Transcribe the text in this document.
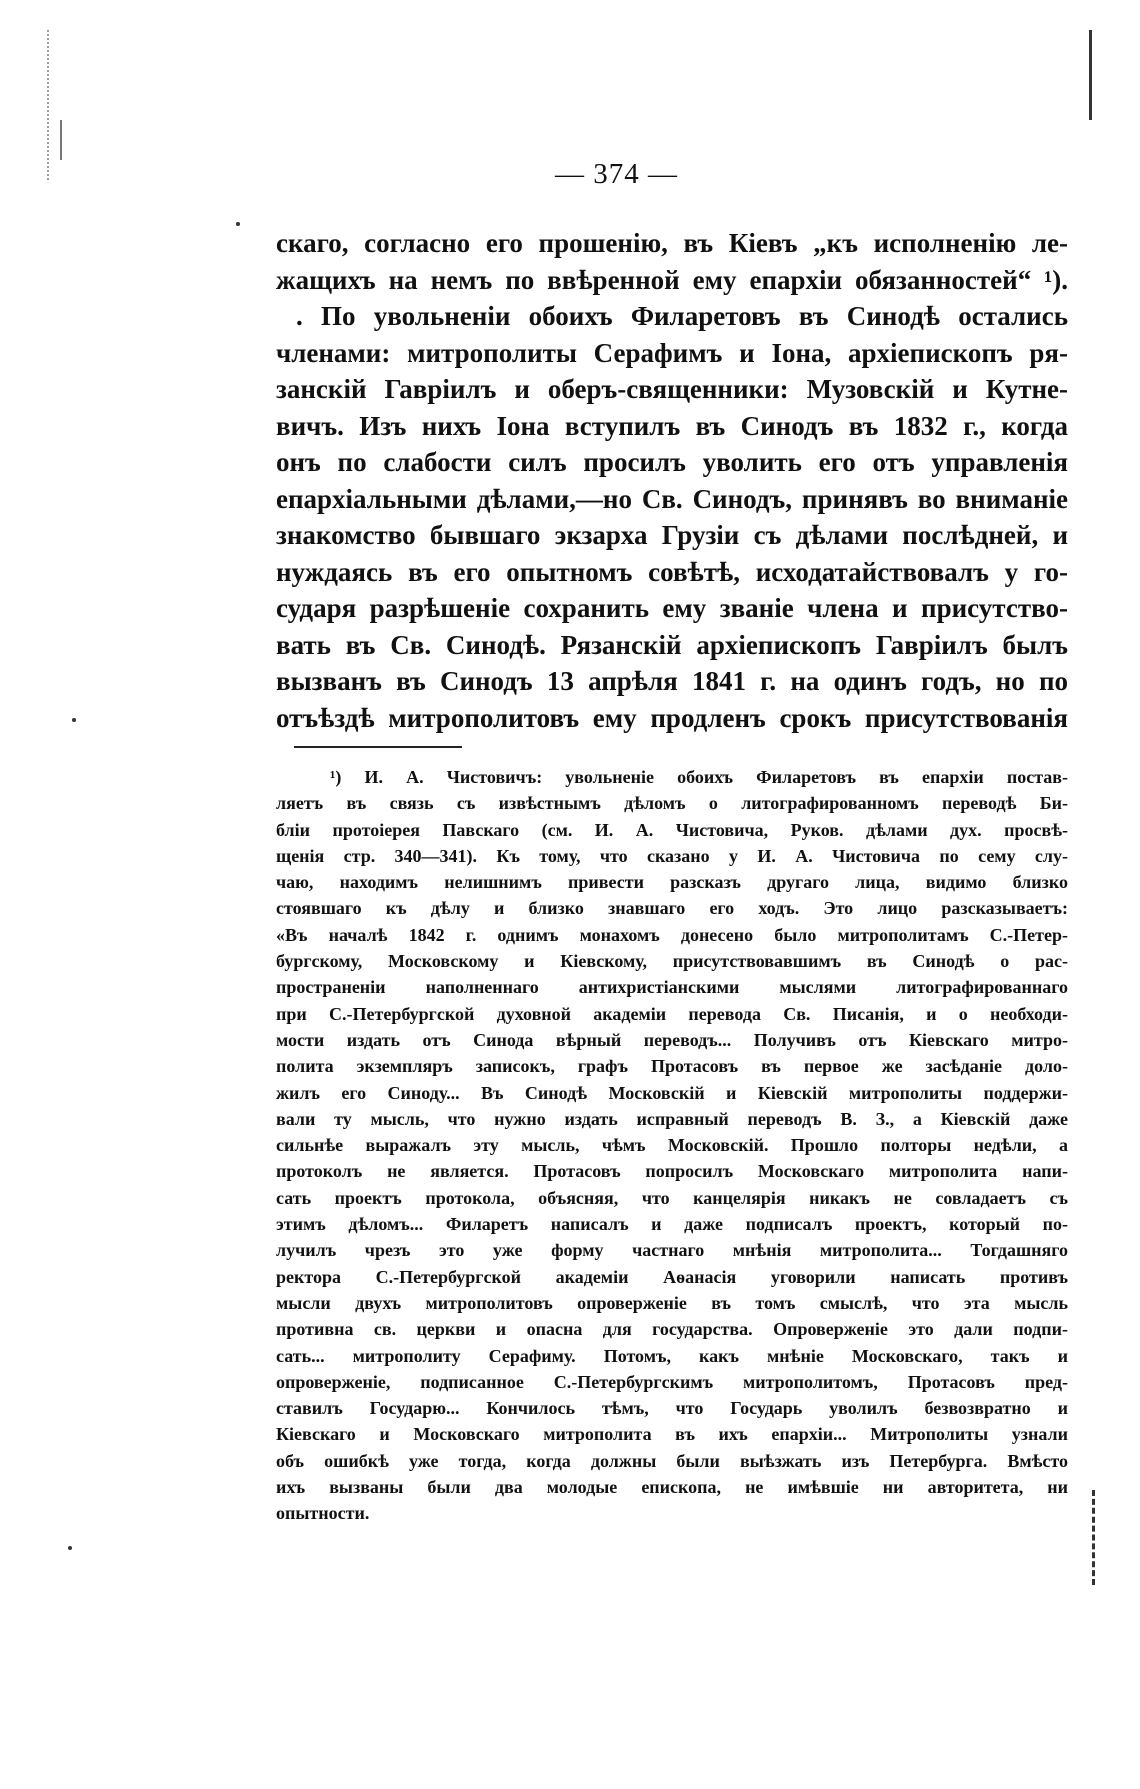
— 374 —
скаго, согласно его прошенію, въ Кіевъ „къ исполненію ле-
жащихъ на немъ по ввѣренной ему епархіи обязанностей“ ¹).
. По увольненіи обоихъ Филаретовъ въ Синодѣ остались
членами: митрополиты Серафимъ и Іона, архіепископъ ря-
занскій Гавріилъ и оберъ-священники: Музовскій и Кутне-
вичъ. Изъ нихъ Іона вступилъ въ Синодъ въ 1832 г., когда
онъ по слабости силъ просилъ уволить его отъ управленія
епархіальными дѣлами,—но Св. Синодъ, принявъ во вниманіе
знакомство бывшаго экзарха Грузіи съ дѣлами послѣдней, и
нуждаясь въ его опытномъ совѣтѣ, исходатайствовалъ у го-
сударя разрѣшеніе сохранить ему званіе члена и присутство-
вать въ Св. Синодѣ. Рязанскій архіепископъ Гавріилъ былъ
вызванъ въ Синодъ 13 апрѣля 1841 г. на одинъ годъ, но по
отъѣздѣ митрополитовъ ему продленъ срокъ присутствованія
¹) И. А. Чистовичъ: увольненіе обоихъ Филаретовъ въ епархіи постав-
ляетъ въ связь съ извѣстнымъ дѣломъ о литографированномъ переводѣ Би-
бліи протоіерея Павскаго (см. И. А. Чистовича, Руков. дѣлами дух. просвѣ-
щенія стр. 340—341). Къ тому, что сказано у И. А. Чистовича по сему слу-
чаю, находимъ нелишнимъ привести разсказъ другаго лица, видимо близко
стоявшаго къ дѣлу и близко знавшаго его ходъ. Это лицо разсказываетъ:
«Въ началѣ 1842 г. однимъ монахомъ донесено было митрополитамъ С.-Петер-
бургскому, Московскому и Кіевскому, присутствовавшимъ въ Синодѣ о рас-
пространеніи наполненнаго антихристіанскими мыслями литографированнаго
при С.-Петербургской духовной академіи перевода Св. Писанія, и о необходи-
мости издать отъ Синода вѣрный переводъ... Получивъ отъ Кіевскаго митро-
полита экземпляръ записокъ, графъ Протасовъ въ первое же засѣданіе доло-
жилъ его Синоду... Въ Синодѣ Московскій и Кіевскій митрополиты поддержи-
вали ту мысль, что нужно издать исправный переводъ В. З., а Кіевскій даже
сильнѣе выражалъ эту мысль, чѣмъ Московскій. Прошло полторы недѣли, а
протоколъ не является. Протасовъ попросилъ Московскаго митрополита напи-
сать проектъ протокола, объясняя, что канцелярія никакъ не совладаетъ съ
этимъ дѣломъ... Филаретъ написалъ и даже подписалъ проектъ, который по-
лучилъ чрезъ это уже форму частнаго мнѣнія митрополита... Тогдашняго
ректора С.-Петербургской академіи Аѳанасія уговорили написать противъ
мысли двухъ митрополитовъ опроверженіе въ томъ смыслѣ, что эта мысль
противна св. церкви и опасна для государства. Опроверженіе это дали подпи-
сать... митрополиту Серафиму. Потомъ, какъ мнѣніе Московскаго, такъ и
опроверженіе, подписанное С.-Петербургскимъ митрополитомъ, Протасовъ пред-
ставилъ Государю... Кончилось тѣмъ, что Государь уволилъ безвозвратно и
Кіевскаго и Московскаго митрополита въ ихъ епархіи... Митрополиты узнали
объ ошибкѣ уже тогда, когда должны были выѣзжать изъ Петербурга. Вмѣсто
ихъ вызваны были два молодые епископа, не имѣвшіе ни авторитета, ни
опытности.
